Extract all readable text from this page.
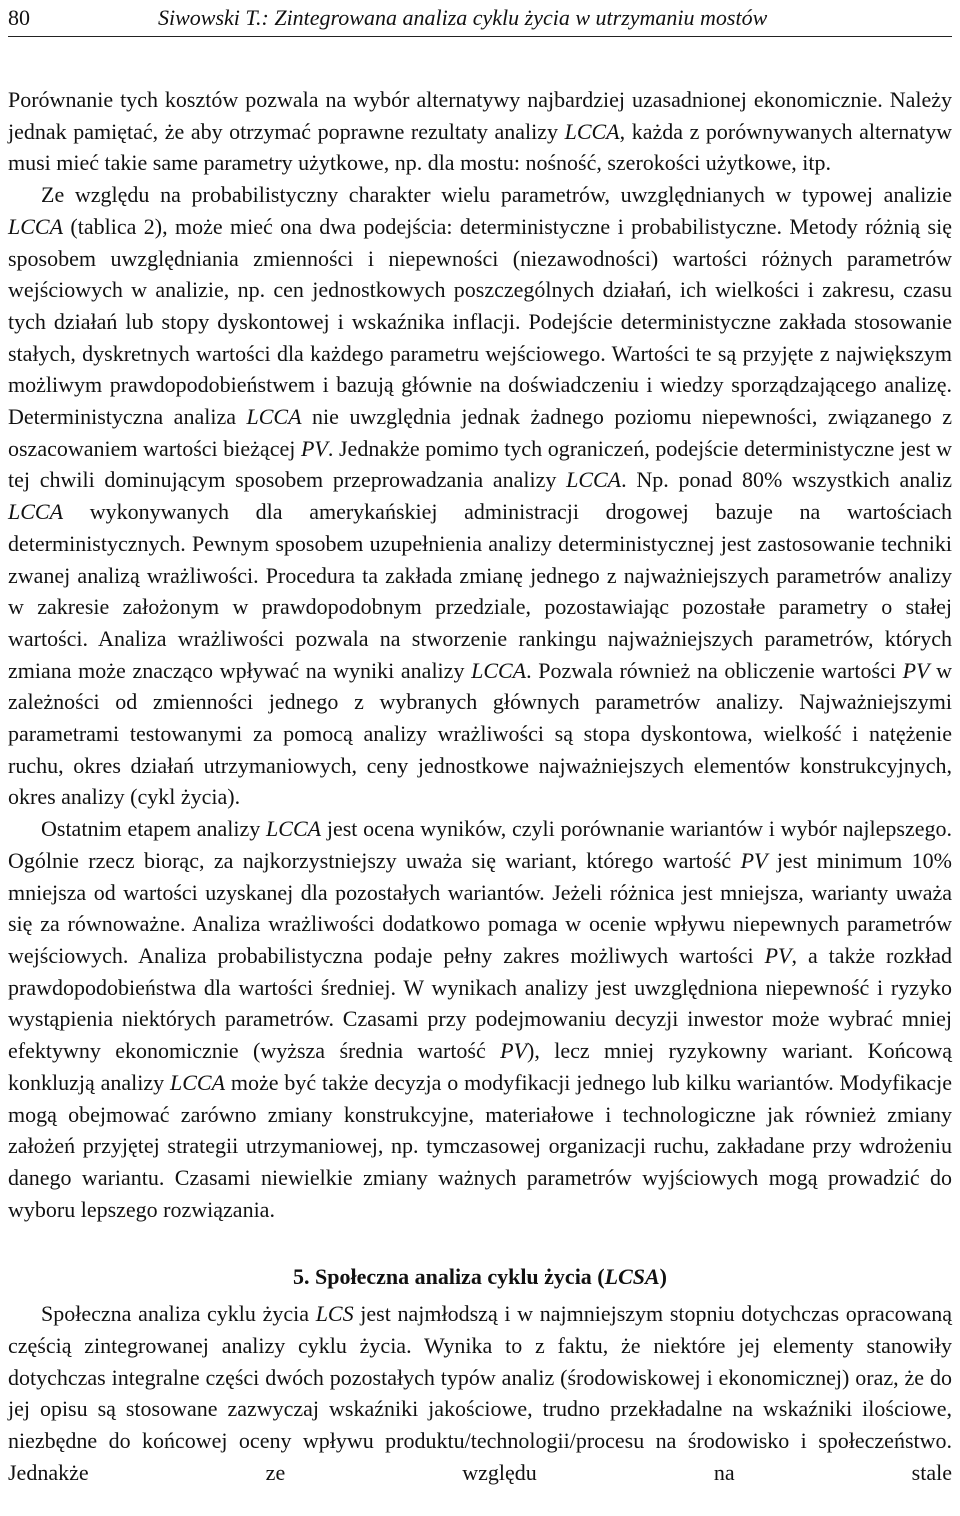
80	Siwowski T.: Zintegrowana analiza cyklu życia w utrzymaniu mostów

Porównanie tych kosztów pozwala na wybór alternatywy najbardziej uzasadnionej ekonomicznie. Należy jednak pamiętać, że aby otrzymać poprawne rezultaty analizy LCCA, każda z porównywanych alternatyw musi mieć takie same parametry użytkowe, np. dla mostu: nośność, szerokości użytkowe, itp.

Ze względu na probabilistyczny charakter wielu parametrów, uwzględnianych w typowej analizie LCCA (tablica 2), może mieć ona dwa podejścia: deterministyczne i probabilistyczne. Metody różnią się sposobem uwzględniania zmienności i niepewności (niezawodności) wartości różnych parametrów wejściowych w analizie, np. cen jednostkowych poszczególnych działań, ich wielkości i zakresu, czasu tych działań lub stopy dyskontowej i wskaźnika inflacji. Podejście deterministyczne zakłada stosowanie stałych, dyskretnych wartości dla każdego parametru wejściowego. Wartości te są przyjęte z największym możliwym prawdopodobieństwem i bazują głównie na doświadczeniu i wiedzy sporządzającego analizę. Deterministyczna analiza LCCA nie uwzględnia jednak żadnego poziomu niepewności, związanego z oszacowaniem wartości bieżącej PV. Jednakże pomimo tych ograniczeń, podejście deterministyczne jest w tej chwili dominującym sposobem przeprowadzania analizy LCCA. Np. ponad 80% wszystkich analiz LCCA wykonywanych dla amerykańskiej administracji drogowej bazuje na wartościach deterministycznych. Pewnym sposobem uzupełnienia analizy deterministycznej jest zastosowanie techniki zwanej analizą wrażliwości. Procedura ta zakłada zmianę jednego z najważniejszych parametrów analizy w zakresie założonym w prawdopodobnym przedziale, pozostawiając pozostałe parametry o stałej wartości. Analiza wrażliwości pozwala na stworzenie rankingu najważniejszych parametrów, których zmiana może znacząco wpływać na wyniki analizy LCCA. Pozwala również na obliczenie wartości PV w zależności od zmienności jednego z wybranych głównych parametrów analizy. Najważniejszymi parametrami testowanymi za pomocą analizy wrażliwości są stopa dyskontowa, wielkość i natężenie ruchu, okres działań utrzymaniowych, ceny jednostkowe najważniejszych elementów konstrukcyjnych, okres analizy (cykl życia).

Ostatnim etapem analizy LCCA jest ocena wyników, czyli porównanie wariantów i wybór najlepszego. Ogólnie rzecz biorąc, za najkorzystniejszy uważa się wariant, którego wartość PV jest minimum 10% mniejsza od wartości uzyskanej dla pozostałych wariantów. Jeżeli różnica jest mniejsza, warianty uważa się za równoważne. Analiza wrażliwości dodatkowo pomaga w ocenie wpływu niepewnych parametrów wejściowych. Analiza probabilistyczna podaje pełny zakres możliwych wartości PV, a także rozkład prawdopodobieństwa dla wartości średniej. W wynikach analizy jest uwzględniona niepewność i ryzyko wystąpienia niektórych parametrów. Czasami przy podejmowaniu decyzji inwestor może wybrać mniej efektywny ekonomicznie (wyższa średnia wartość PV), lecz mniej ryzykowny wariant. Końcową konkluzją analizy LCCA może być także decyzja o modyfikacji jednego lub kilku wariantów. Modyfikacje mogą obejmować zarówno zmiany konstrukcyjne, materiałowe i technologiczne jak również zmiany założeń przyjętej strategii utrzymaniowej, np. tymczasowej organizacji ruchu, zakładane przy wdrożeniu danego wariantu. Czasami niewielkie zmiany ważnych parametrów wyjściowych mogą prowadzić do wyboru lepszego rozwiązania.

5. Społeczna analiza cyklu życia (LCSA)

Społeczna analiza cyklu życia LCS jest najmłodszą i w najmniejszym stopniu dotychczas opracowaną częścią zintegrowanej analizy cyklu życia. Wynika to z faktu, że niektóre jej elementy stanowiły dotychczas integralne części dwóch pozostałych typów analiz (środowiskowej i ekonomicznej) oraz, że do jej opisu są stosowane zazwyczaj wskaźniki jakościowe, trudno przekładalne na wskaźniki ilościowe, niezbędne do końcowej oceny wpływu produktu/technologii/procesu na środowisko i społeczeństwo. Jednakże ze względu na stale
